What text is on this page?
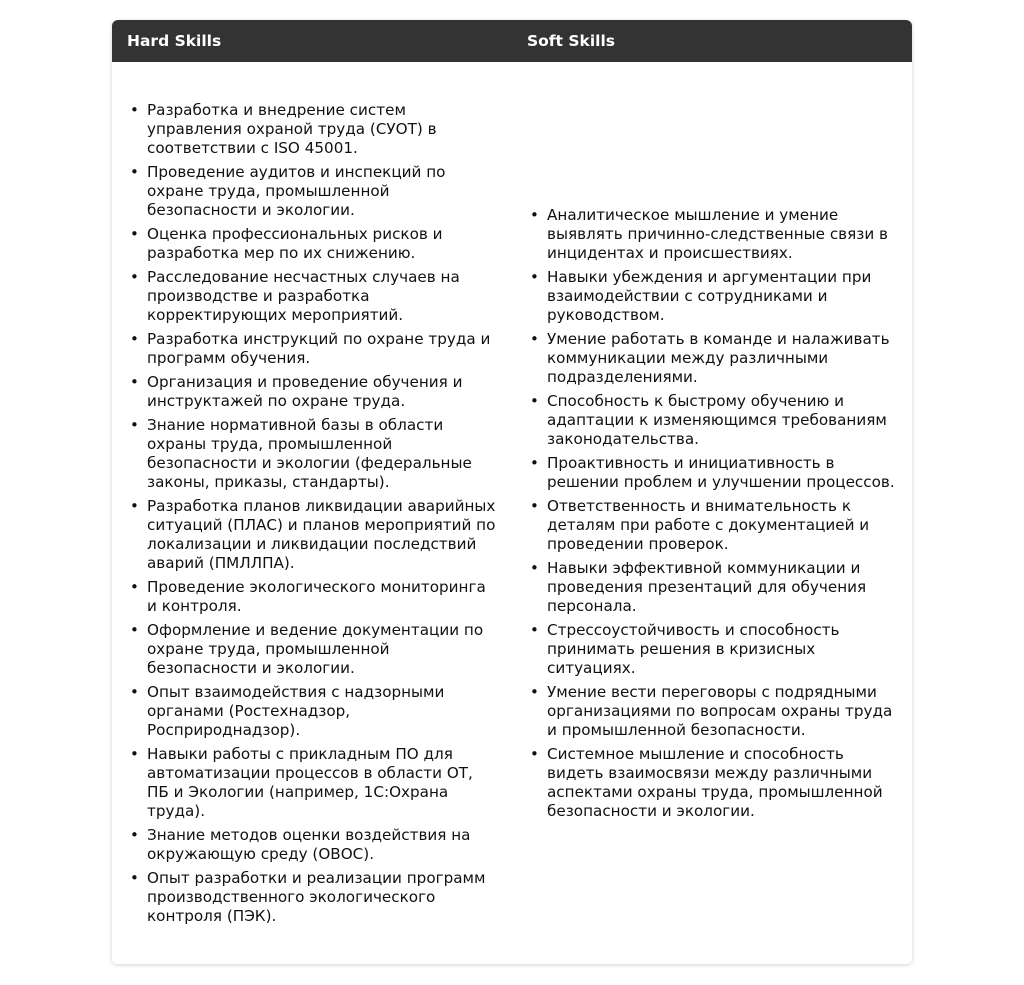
Hard Skills	Soft Skills
• Разработка и внедрение систем управления охраной труда (СУОТ) в соответствии с ISO 45001.
• Проведение аудитов и инспекций по охране труда, промышленной безопасности и экологии.
• Оценка профессиональных рисков и разработка мер по их снижению.
• Расследование несчастных случаев на производстве и разработка корректирующих мероприятий.
• Разработка инструкций по охране труда и программ обучения.
• Организация и проведение обучения и инструктажей по охране труда.
• Знание нормативной базы в области охраны труда, промышленной безопасности и экологии (федеральные законы, приказы, стандарты).
• Разработка планов ликвидации аварийных ситуаций (ПЛАС) и планов мероприятий по локализации и ликвидации последствий аварий (ПМЛЛПА).
• Проведение экологического мониторинга и контроля.
• Оформление и ведение документации по охране труда, промышленной безопасности и экологии.
• Опыт взаимодействия с надзорными органами (Ростехнадзор, Росприроднадзор).
• Навыки работы с прикладным ПО для автоматизации процессов в области ОТ, ПБ и Экологии (например, 1С:Охрана труда).
• Знание методов оценки воздействия на окружающую среду (ОВОС).
• Опыт разработки и реализации программ производственного экологического контроля (ПЭК).
• Аналитическое мышление и умение выявлять причинно-следственные связи в инцидентах и происшествиях.
• Навыки убеждения и аргументации при взаимодействии с сотрудниками и руководством.
• Умение работать в команде и налаживать коммуникации между различными подразделениями.
• Способность к быстрому обучению и адаптации к изменяющимся требованиям законодательства.
• Проактивность и инициативность в решении проблем и улучшении процессов.
• Ответственность и внимательность к деталям при работе с документацией и проведении проверок.
• Навыки эффективной коммуникации и проведения презентаций для обучения персонала.
• Стрессоустойчивость и способность принимать решения в кризисных ситуациях.
• Умение вести переговоры с подрядными организациями по вопросам охраны труда и промышленной безопасности.
• Системное мышление и способность видеть взаимосвязи между различными аспектами охраны труда, промышленной безопасности и экологии.
